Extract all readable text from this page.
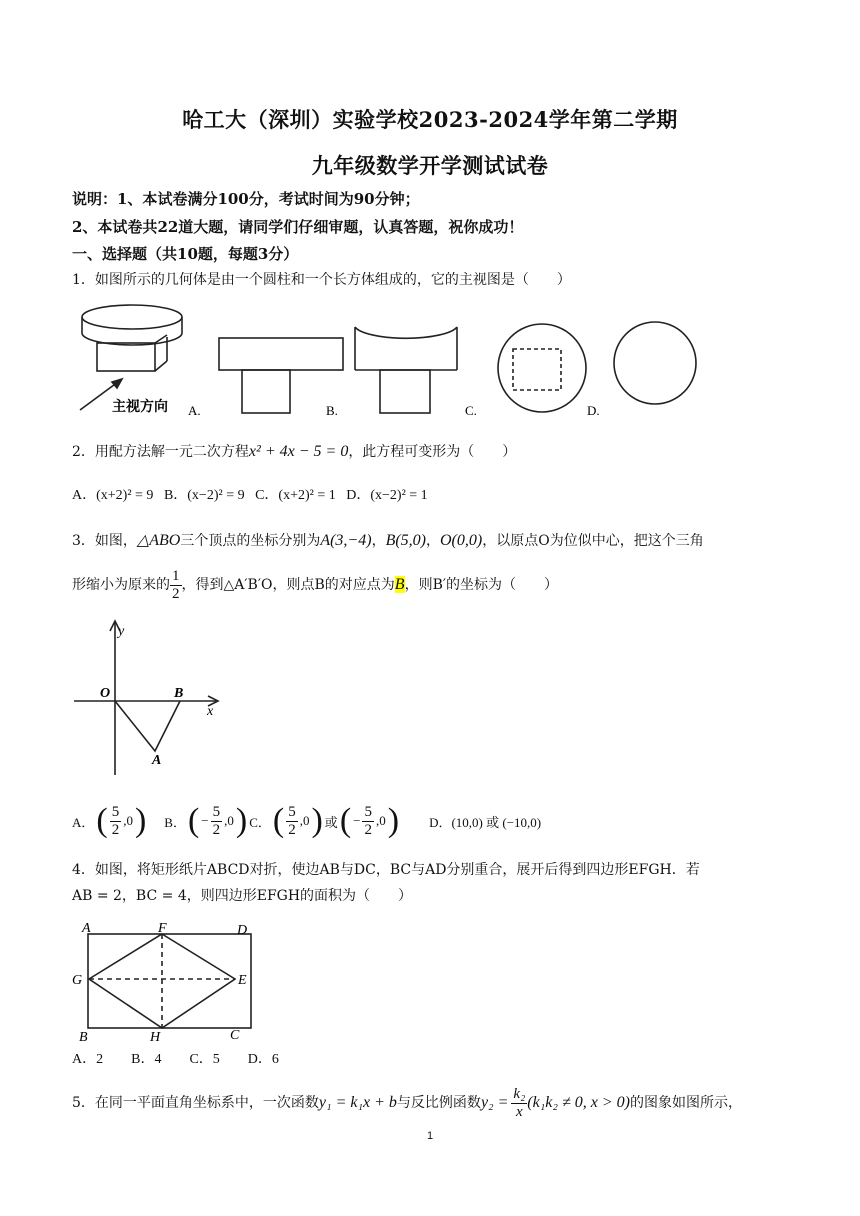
哈工大（深圳）实验学校2023-2024学年第二学期
九年级数学开学测试试卷
说明：1、本试卷满分100分，考试时间为90分钟；
2、本试卷共22道大题，请同学们仔细审题，认真答题，祝你成功！
一、选择题（共10题，每题3分）
1．如图所示的几何体是由一个圆柱和一个长方体组成的，它的主视图是（　　）
主视方向 A.	B.	C.	D.
2．用配方法解一元二次方程x² + 4x − 5 = 0，此方程可变形为（　　）
A．(x+2)² = 9 B．(x−2)² = 9 C．(x+2)² = 1 D．(x−2)² = 1
3．如图，△ABO三个顶点的坐标分别为A(3,−4)，B(5,0)，O(0,0)，以原点O为位似中心，把这个三角
形缩小为原来的 $\frac{1}{2}$ ，得到△A′B′O，则点B的对应点为B，则B′的坐标为（　　）
y
x
O	B
A
A． ( $\frac{5}{2} ,0$ ) B． ( − $\frac{5}{2} ,0$ ) C． ( $\frac{5}{2} ,0$ ) 或 ( − $\frac{5}{2} ,0$ ) D．(10,0) 或 (−10,0)
4．如图，将矩形纸片ABCD对折，使边AB与DC，BC与AD分别重合，展开后得到四边形EFGH．若
AB = 2，BC = 4，则四边形EFGH的面积为（　　）
A	F	D
G	E
B	H	C
A．2　　B．4　　C．5　　D．6
5．在同一平面直角坐标系中，一次函数 y₁ = k₁x + b 与反比例函数 $y_2 = \frac{\text{k₂}}{x} (k_1k_2 \ne 0$, x > 0) 的图象如图所示，
1
